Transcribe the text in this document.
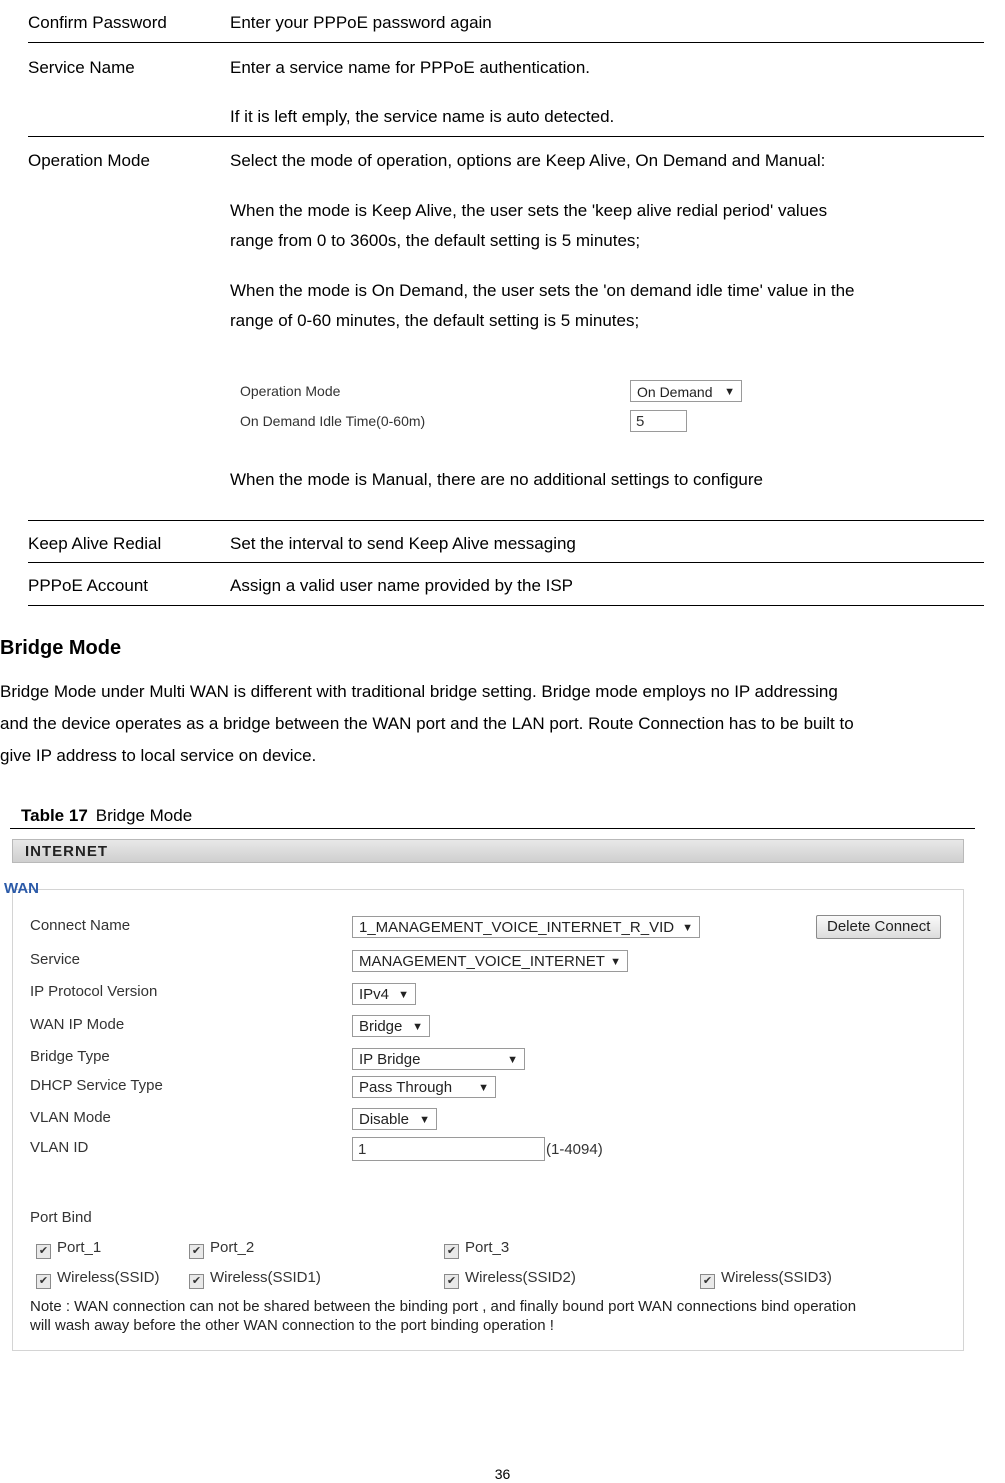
Confirm Password	Enter your PPPoE password again
Service Name	Enter a service name for PPPoE authentication.
If it is left emply, the service name is auto detected.
Operation Mode	Select the mode of operation, options are Keep Alive, On Demand and Manual:
When the mode is Keep Alive, the user sets the 'keep alive redial period' values
range from 0 to 3600s, the default setting is 5 minutes;
When the mode is On Demand, the user sets the 'on demand idle time' value in the
range of 0-60 minutes, the default setting is 5 minutes;
When the mode is Manual, there are no additional settings to configure
Keep Alive Redial	Set the interval to send Keep Alive messaging
PPPoE Account	Assign a valid user name provided by the ISP
Operation Mode	On Demand ▼
On Demand Idle Time(0-60m)	5
Bridge Mode
Bridge Mode under Multi WAN is different with traditional bridge setting. Bridge mode employs no IP addressing
and the device operates as a bridge between the WAN port and the LAN port. Route Connection has to be built to
give IP address to local service on device.
Table 17 Bridge Mode
INTERNET
WAN
Connect Name	1_MANAGEMENT_VOICE_INTERNET_R_VID ▼	Delete Connect
Service	MANAGEMENT_VOICE_INTERNET ▼
IP Protocol Version	IPv4 ▼
WAN IP Mode	Bridge ▼
Bridge Type	IP Bridge	▼
DHCP Service Type	Pass Through ▼
VLAN Mode	Disable ▼
VLAN ID	1	(1-4094)
Port Bind
✔ Port_1	✔ Port_2	✔ Port_3
✔ Wireless(SSID)	✔ Wireless(SSID1)	✔ Wireless(SSID2)	✔ Wireless(SSID3)
Note : WAN connection can not be shared between the binding port , and finally bound port WAN connections bind operation
will wash away before the other WAN connection to the port binding operation !
36
